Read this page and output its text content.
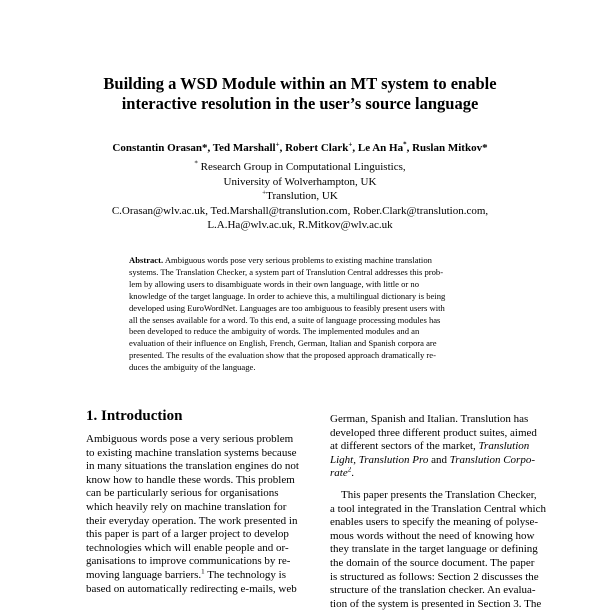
Building a WSD Module within an MT system to enable
interactive resolution in the user’s source language
Constantin Orasan*, Ted Marshall+, Robert Clark+, Le An Ha*, Ruslan Mitkov*
* Research Group in Computational Linguistics,
University of Wolverhampton, UK
+Translution, UK
C.Orasan@wlv.ac.uk, Ted.Marshall@translution.com, Rober.Clark@translution.com,
L.A.Ha@wlv.ac.uk, R.Mitkov@wlv.ac.uk
Abstract. Ambiguous words pose very serious problems to existing machine translation
systems. The Translation Checker, a system part of Translution Central addresses this prob-
lem by allowing users to disambiguate words in their own language, with little or no
knowledge of the target language. In order to achieve this, a multilingual dictionary is being
developed using EuroWordNet. Languages are too ambiguous to feasibly present users with
all the senses available for a word. To this end, a suite of language processing modules has
been developed to reduce the ambiguity of words. The implemented modules and an
evaluation of their influence on English, French, German, Italian and Spanish corpora are
presented. The results of the evaluation show that the proposed approach dramatically re-
duces the ambiguity of the language.
1. Introduction
Ambiguous words pose a very serious problem
to existing machine translation systems because
in many situations the translation engines do not
know how to handle these words. This problem
can be particularly serious for organisations
which heavily rely on machine translation for
their everyday operation. The work presented in
this paper is part of a larger project to develop
technologies which will enable people and or-
ganisations to improve communications by re-
moving language barriers.$^1$ The technology is
based on automatically redirecting e-mails, web
German, Spanish and Italian. Translution has
developed three different product suites, aimed
at different sectors of the market, Translution
Light, Translution Pro and Translution Corpo-
rate$^2$.
This paper presents the Translation Checker,
a tool integrated in the Translation Central which
enables users to specify the meaning of polyse-
mous words without the need of knowing how
they translate in the target language or defining
the domain of the source document. The paper
is structured as follows: Section 2 discusses the
structure of the translation checker. An evalua-
tion of the system is presented in Section 3. The
